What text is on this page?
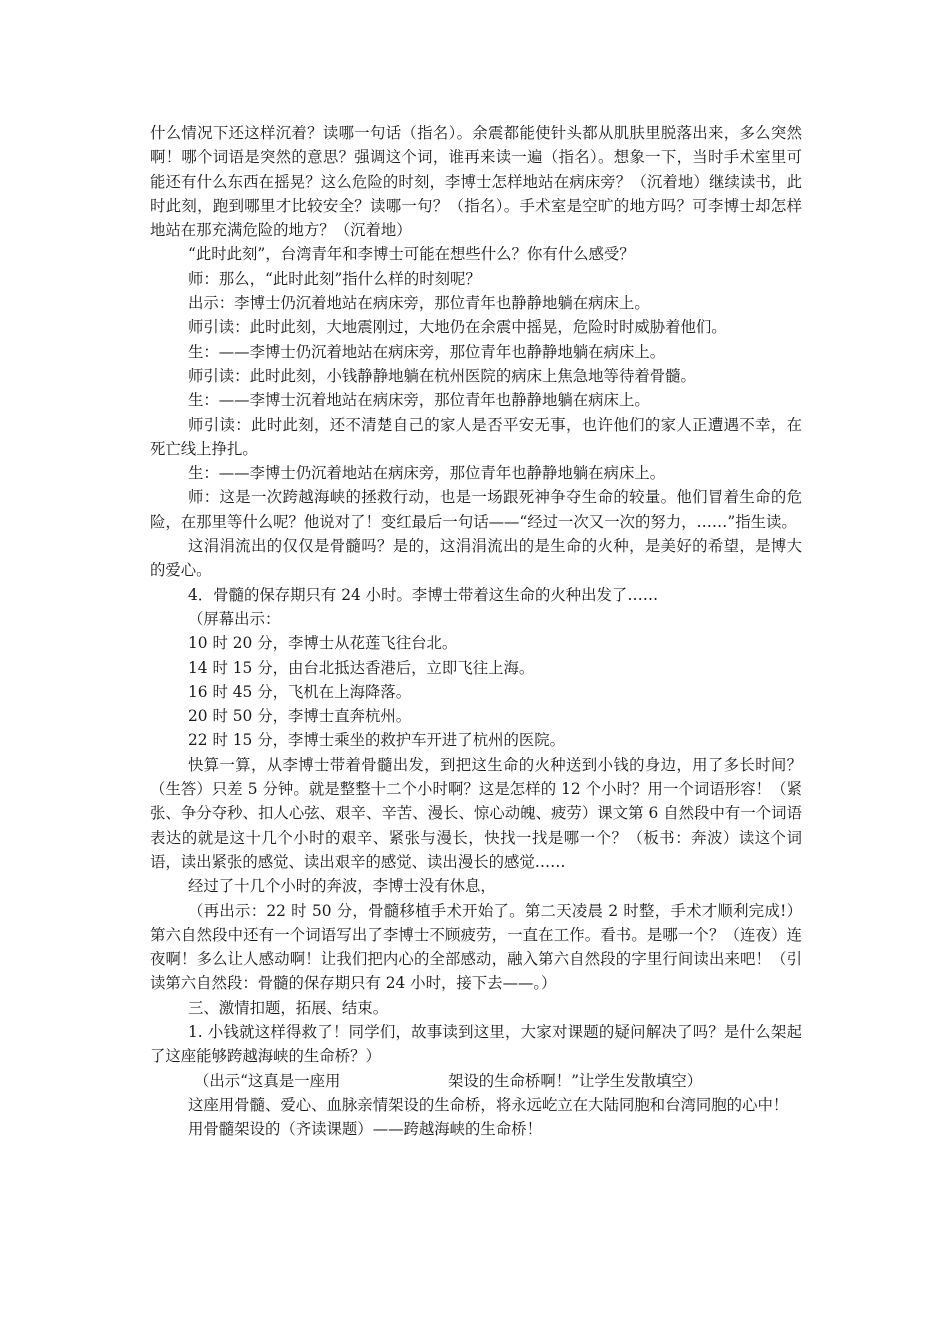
什么情况下还这样沉着？读哪一句话（指名）。余震都能使针头都从肌肤里脱落出来，多么突然啊！哪个词语是突然的意思？强调这个词，谁再来读一遍（指名）。想象一下，当时手术室里可能还有什么东西在摇晃？这么危险的时刻，李博士怎样地站在病床旁？（沉着地）继续读书，此时此刻，跑到哪里才比较安全？读哪一句？（指名）。手术室是空旷的地方吗？可李博士却怎样地站在那充满危险的地方？（沉着地）

“此时此刻”，台湾青年和李博士可能在想些什么？你有什么感受？

师：那么，“此时此刻”指什么样的时刻呢？

出示：李博士仍沉着地站在病床旁，那位青年也静静地躺在病床上。

师引读：此时此刻，大地震刚过，大地仍在余震中摇晃，危险时时威胁着他们。

生：——李博士仍沉着地站在病床旁，那位青年也静静地躺在病床上。

师引读：此时此刻，小钱静静地躺在杭州医院的病床上焦急地等待着骨髓。

生：——李博士沉着地站在病床旁，那位青年也静静地躺在病床上。

师引读：此时此刻，还不清楚自己的家人是否平安无事，也许他们的家人正遭遇不幸，在死亡线上挣扎。

生：——李博士仍沉着地站在病床旁，那位青年也静静地躺在病床上。

师：这是一次跨越海峡的拯救行动，也是一场跟死神争夺生命的较量。他们冒着生命的危险，在那里等什么呢？他说对了！变红最后一句话——“经过一次又一次的努力，……”指生读。

这涓涓流出的仅仅是骨髓吗？是的，这涓涓流出的是生命的火种，是美好的希望，是博大的爱心。

4．骨髓的保存期只有 24 小时。李博士带着这生命的火种出发了……

（屏幕出示：

10 时 20 分，李博士从花莲飞往台北。

14 时 15 分，由台北抵达香港后，立即飞往上海。

16 时 45 分，飞机在上海降落。

20 时 50 分，李博士直奔杭州。

22 时 15 分，李博士乘坐的救护车开进了杭州的医院。

快算一算，从李博士带着骨髓出发，到把这生命的火种送到小钱的身边，用了多长时间？（生答）只差 5 分钟。就是整整十二个小时啊？这是怎样的 12 个小时？用一个词语形容！（紧张、争分夺秒、扣人心弦、艰辛、辛苦、漫长、惊心动魄、疲劳）课文第 6 自然段中有一个词语表达的就是这十几个小时的艰辛、紧张与漫长，快找一找是哪一个？（板书：奔波）读这个词语，读出紧张的感觉、读出艰辛的感觉、读出漫长的感觉……

经过了十几个小时的奔波，李博士没有休息，

（再出示：22 时 50 分，骨髓移植手术开始了。第二天凌晨 2 时整，手术才顺利完成!）第六自然段中还有一个词语写出了李博士不顾疲劳，一直在工作。看书。是哪一个？（连夜）连夜啊！多么让人感动啊！让我们把内心的全部感动，融入第六自然段的字里行间读出来吧！（引读第六自然段：骨髓的保存期只有 24 小时，接下去——。）

三、激情扣题，拓展、结束。

1. 小钱就这样得救了！同学们，故事读到这里，大家对课题的疑问解决了吗？是什么架起了这座能够跨越海峡的生命桥？）

（出示“这真是一座用                      架设的生命桥啊！”让学生发散填空）

这座用骨髓、爱心、血脉亲情架设的生命桥，将永远屹立在大陆同胞和台湾同胞的心中！

用骨髓架设的（齐读课题）——跨越海峡的生命桥！
